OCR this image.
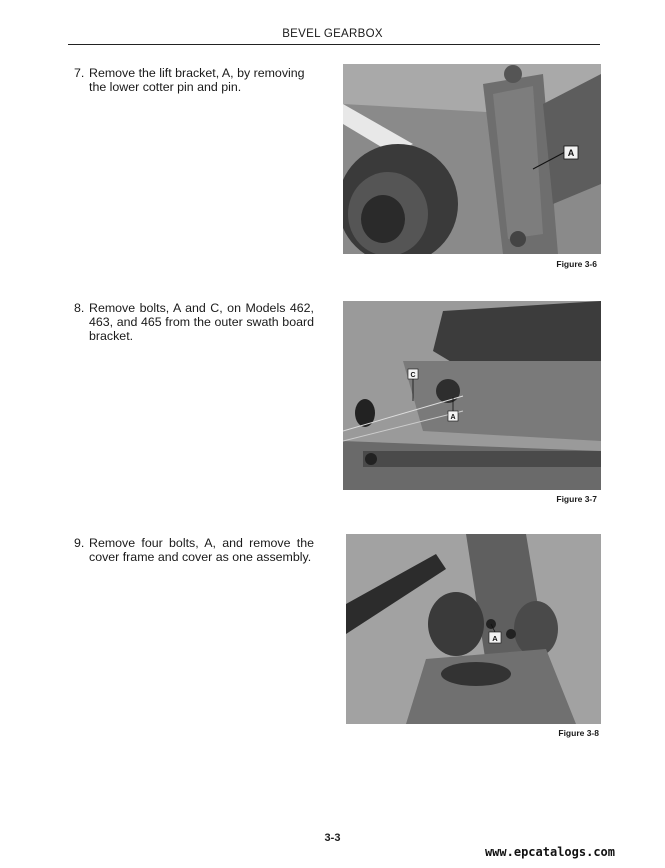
BEVEL GEARBOX
7. Remove the lift bracket, A, by removing the lower cotter pin and pin.
A
Figure 3-6
8. Remove bolts, A and C, on Models 462, 463, and 465 from the outer swath board bracket.
C
A
Figure 3-7
9. Remove four bolts, A, and remove the cover frame and cover as one assembly.
A
Figure 3-8
3-3
www.epcatalogs.com
